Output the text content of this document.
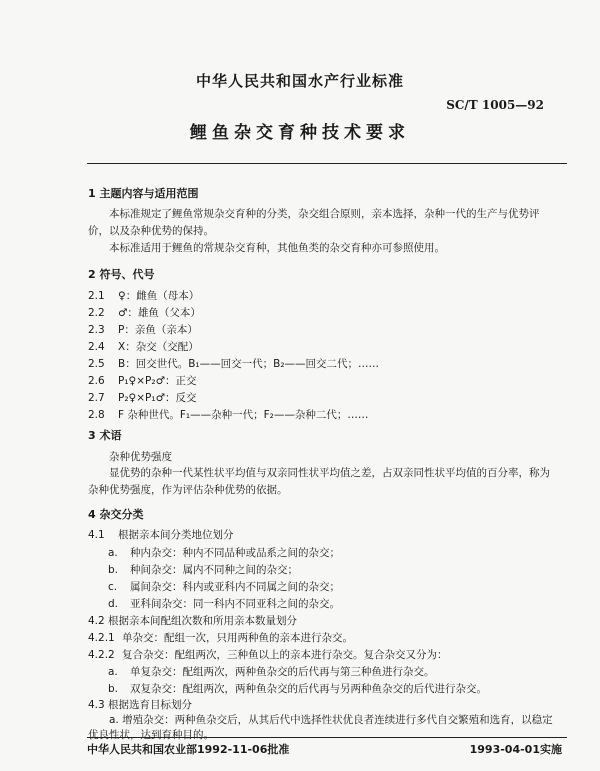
中华人民共和国水产行业标准
SC/T 1005—92
鲤鱼杂交育种技术要求
1 主题内容与适用范围
本标准规定了鲤鱼常规杂交育种的分类，杂交组合原则，亲本选择，杂种一代的生产与优势评价，以及杂种优势的保持。
本标准适用于鲤鱼的常规杂交育种，其他鱼类的杂交育种亦可参照使用。
2 符号、代号
2.1 ♀：雌鱼（母本）
2.2 ♂：雄鱼（父本）
2.3 P：亲鱼（亲本）
2.4 X：杂交（交配）
2.5 B：回交世代。B₁——回交一代；B₂——回交二代；……
2.6 P₁♀×P₂♂：正交
2.7 P₂♀×P₁♂：反交
2.8 F 杂种世代。F₁——杂种一代；F₂——杂种二代；……
3 术语
杂种优势强度
显优势的杂种一代某性状平均值与双亲同性状平均值之差，占双亲同性状平均值的百分率，称为杂种优势强度，作为评估杂种优势的依据。
4 杂交分类
4.1 根据亲本间分类地位划分
a. 种内杂交：种内不同品种或品系之间的杂交；
b. 种间杂交：属内不同种之间的杂交；
c. 属间杂交：科内或亚科内不同属之间的杂交；
d. 亚科间杂交：同一科内不同亚科之间的杂交。
4.2 根据亲本间配组次数和所用亲本数量划分
4.2.1 单杂交：配组一次，只用两种鱼的亲本进行杂交。
4.2.2 复合杂交：配组两次，三种鱼以上的亲本进行杂交。复合杂交又分为：
a. 单复杂交：配组两次，两种鱼杂交的后代再与第三种鱼进行杂交。
b. 双复杂交：配组两次，两种鱼杂交的后代再与另两种鱼杂交的后代进行杂交。
4.3 根据选育目标划分
a. 增殖杂交：两种鱼杂交后，从其后代中选择性状优良者连续进行多代自交繁殖和选育，以稳定优良性状，达到育种目的。
中华人民共和国农业部1992-11-06批准	1993-04-01实施
